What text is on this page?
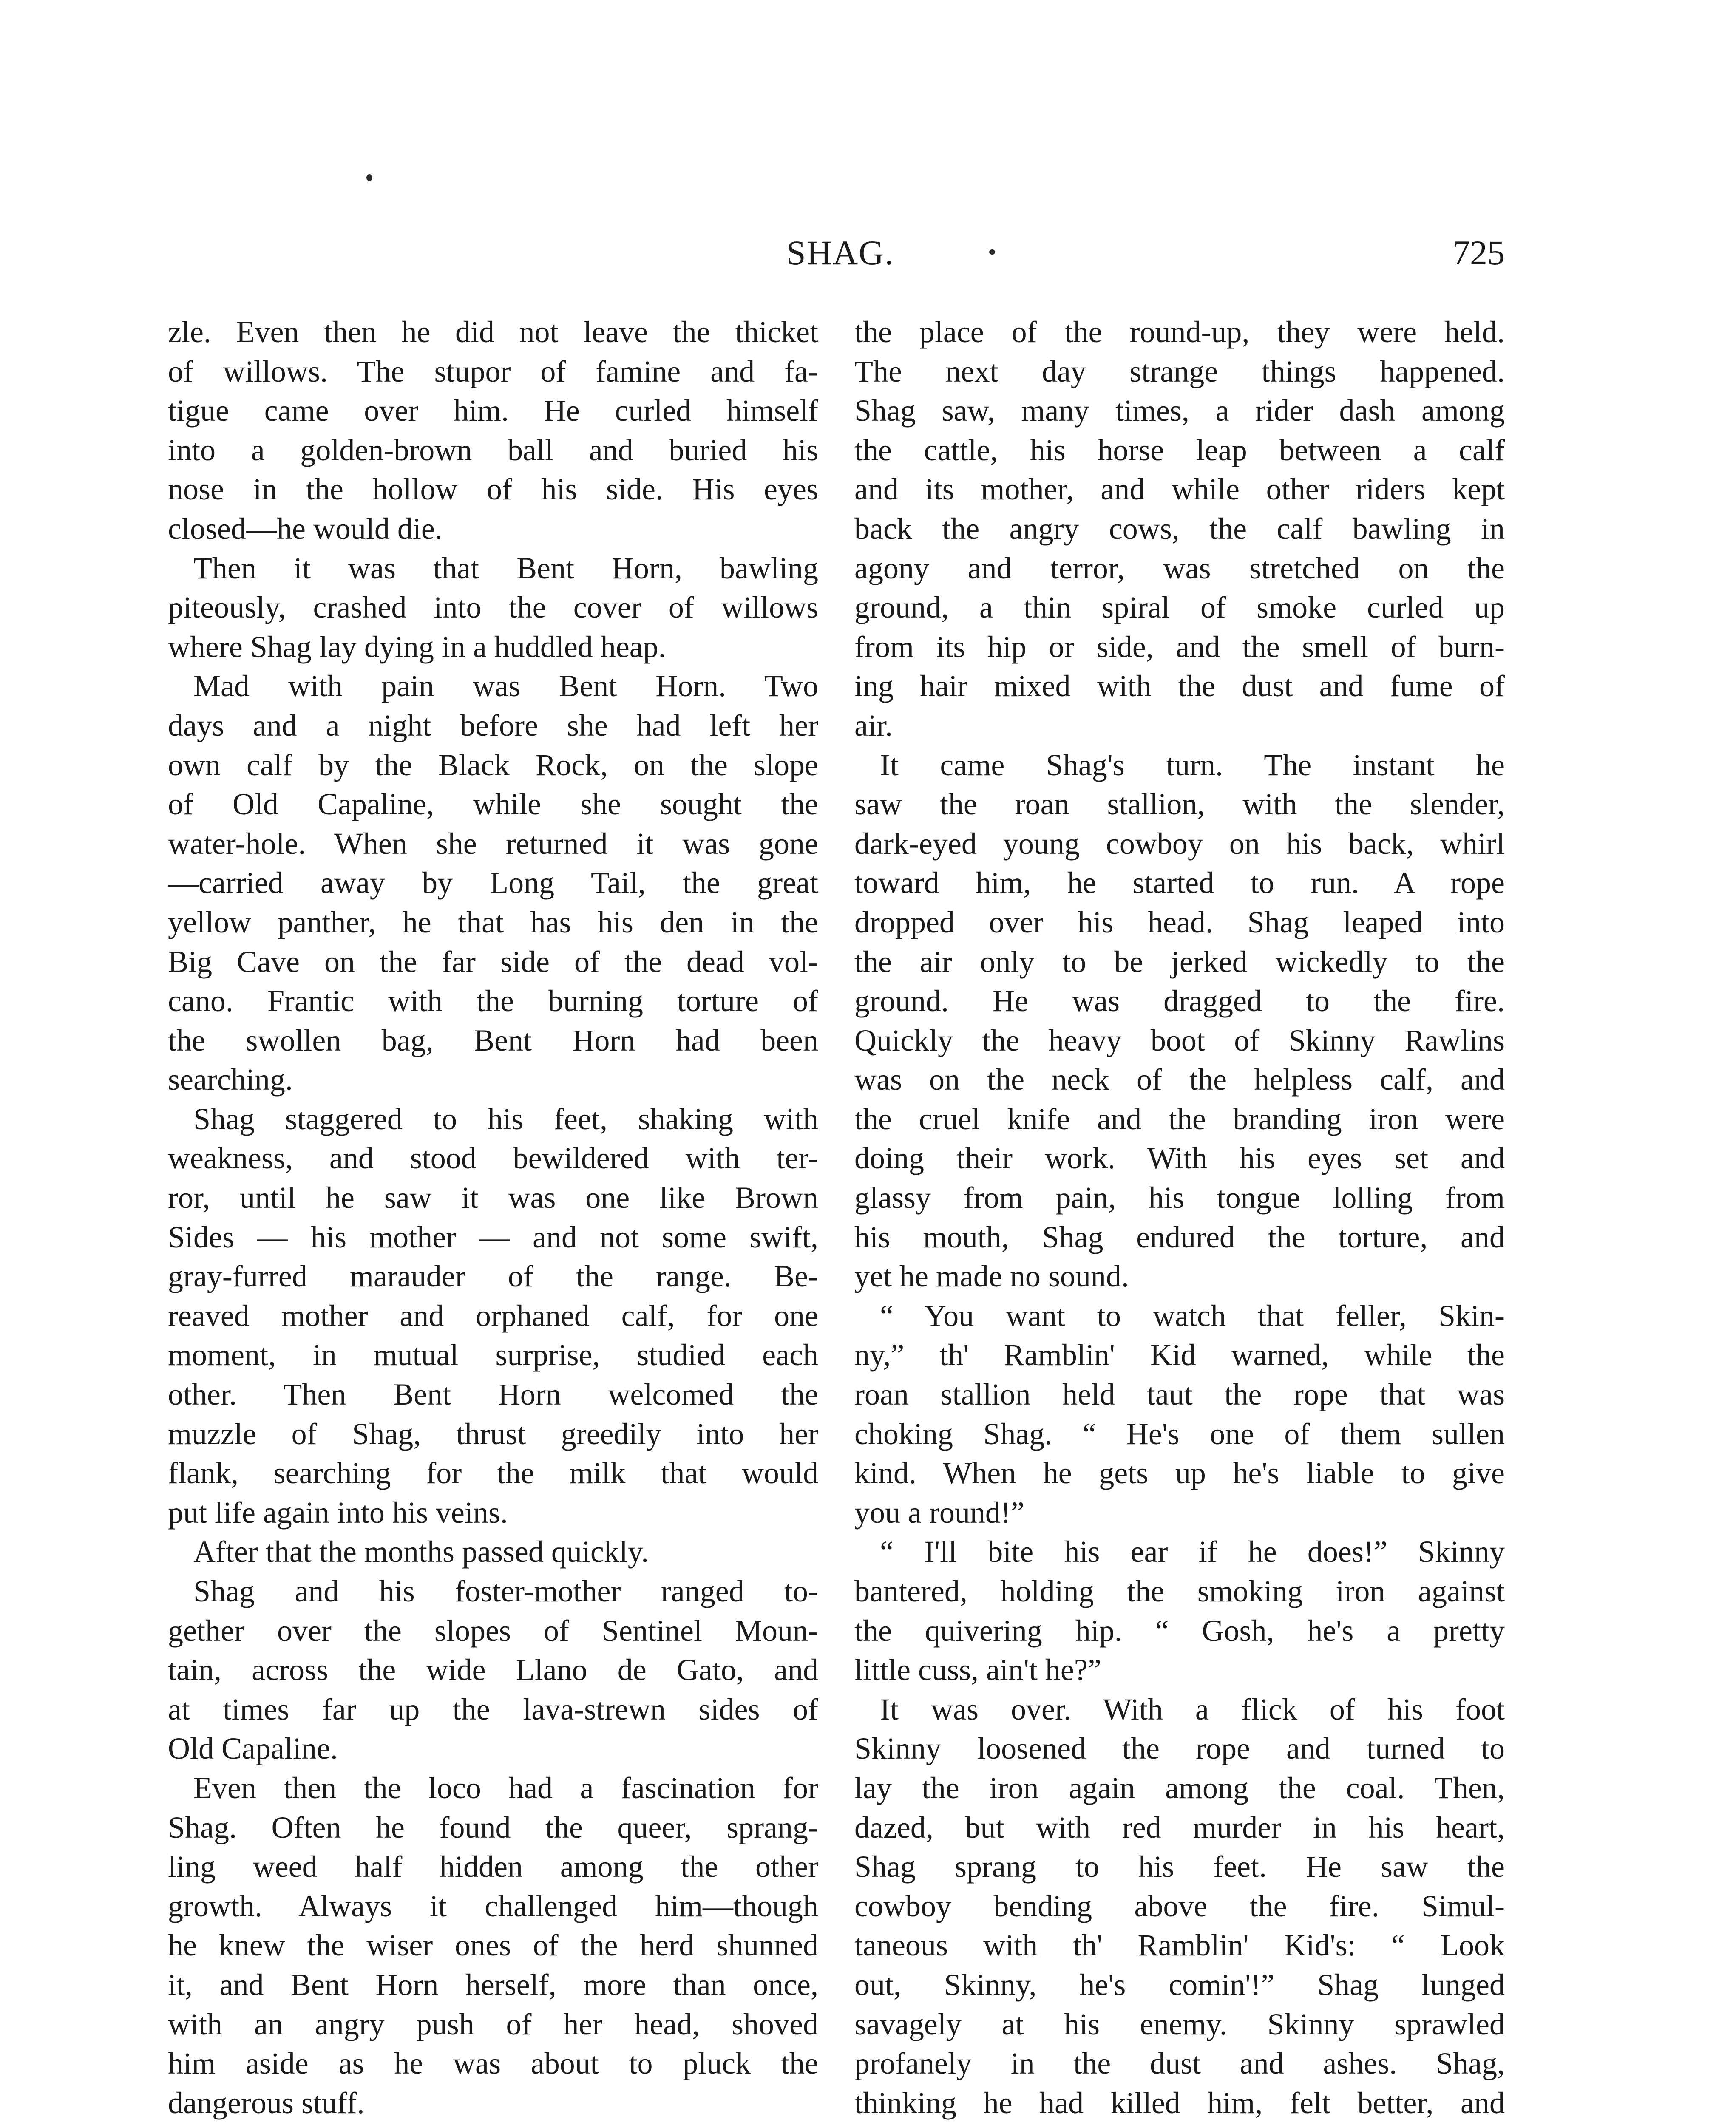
SHAG.	725
zle. Even then he did not leave the thicket
of willows. The stupor of famine and fa-
tigue came over him. He curled himself
into a golden-brown ball and buried his
nose in the hollow of his side. His eyes
closed—he would die.
Then it was that Bent Horn, bawling
piteously, crashed into the cover of willows
where Shag lay dying in a huddled heap.
Mad with pain was Bent Horn. Two
days and a night before she had left her
own calf by the Black Rock, on the slope
of Old Capaline, while she sought the
water-hole. When she returned it was gone
—carried away by Long Tail, the great
yellow panther, he that has his den in the
Big Cave on the far side of the dead vol-
cano. Frantic with the burning torture of
the swollen bag, Bent Horn had been
searching.
Shag staggered to his feet, shaking with
weakness, and stood bewildered with ter-
ror, until he saw it was one like Brown
Sides — his mother — and not some swift,
gray-furred marauder of the range. Be-
reaved mother and orphaned calf, for one
moment, in mutual surprise, studied each
other. Then Bent Horn welcomed the
muzzle of Shag, thrust greedily into her
flank, searching for the milk that would
put life again into his veins.
After that the months passed quickly.
Shag and his foster-mother ranged to-
gether over the slopes of Sentinel Moun-
tain, across the wide Llano de Gato, and
at times far up the lava-strewn sides of
Old Capaline.
Even then the loco had a fascination for
Shag. Often he found the queer, sprang-
ling weed half hidden among the other
growth. Always it challenged him—though
he knew the wiser ones of the herd shunned
it, and Bent Horn herself, more than once,
with an angry push of her head, shoved
him aside as he was about to pluck the
dangerous stuff.
the place of the round-up, they were held.
The next day strange things happened.
Shag saw, many times, a rider dash among
the cattle, his horse leap between a calf
and its mother, and while other riders kept
back the angry cows, the calf bawling in
agony and terror, was stretched on the
ground, a thin spiral of smoke curled up
from its hip or side, and the smell of burn-
ing hair mixed with the dust and fume of
air.
It came Shag's turn. The instant he
saw the roan stallion, with the slender,
dark-eyed young cowboy on his back, whirl
toward him, he started to run. A rope
dropped over his head. Shag leaped into
the air only to be jerked wickedly to the
ground. He was dragged to the fire.
Quickly the heavy boot of Skinny Rawlins
was on the neck of the helpless calf, and
the cruel knife and the branding iron were
doing their work. With his eyes set and
glassy from pain, his tongue lolling from
his mouth, Shag endured the torture, and
yet he made no sound.
“ You want to watch that feller, Skin-
ny,” th' Ramblin' Kid warned, while the
roan stallion held taut the rope that was
choking Shag. “ He's one of them sullen
kind. When he gets up he's liable to give
you a round!”
“ I'll bite his ear if he does!” Skinny
bantered, holding the smoking iron against
the quivering hip. “ Gosh, he's a pretty
little cuss, ain't he?”
It was over. With a flick of his foot
Skinny loosened the rope and turned to
lay the iron again among the coal. Then,
dazed, but with red murder in his heart,
Shag sprang to his feet. He saw the
cowboy bending above the fire. Simul-
taneous with th' Ramblin' Kid's: “ Look
out, Skinny, he's comin'!” Shag lunged
savagely at his enemy. Skinny sprawled
profanely in the dust and ashes. Shag,
thinking he had killed him, felt better, and
